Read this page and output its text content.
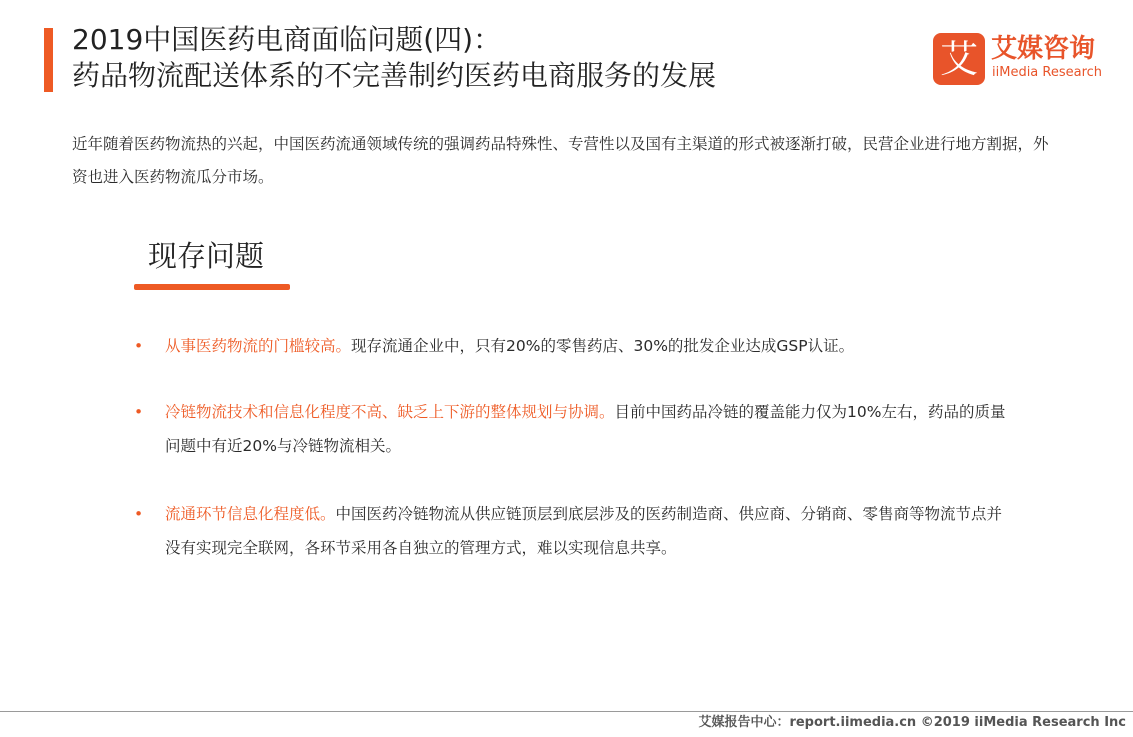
2019中国医药电商面临问题(四)：
药品物流配送体系的不完善制约医药电商服务的发展	艾 艾媒咨询
iiMedia Research
近年随着医药物流热的兴起，中国医药流通领域传统的强调药品特殊性、专营性以及国有主渠道的形式被逐渐打破，民营企业进行地方割据，外资也进入医药物流瓜分市场。
现存问题
• 从事医药物流的门槛较高。现存流通企业中，只有20%的零售药店、30%的批发企业达成GSP认证。
• 冷链物流技术和信息化程度不高、缺乏上下游的整体规划与协调。目前中国药品冷链的覆盖能力仅为10%左右，药品的质量问题中有近20%与冷链物流相关。
• 流通环节信息化程度低。中国医药冷链物流从供应链顶层到底层涉及的医药制造商、供应商、分销商、零售商等物流节点并没有实现完全联网，各环节采用各自独立的管理方式，难以实现信息共享。
艾媒报告中心：report.iimedia.cn ©2019 iiMedia Research Inc
